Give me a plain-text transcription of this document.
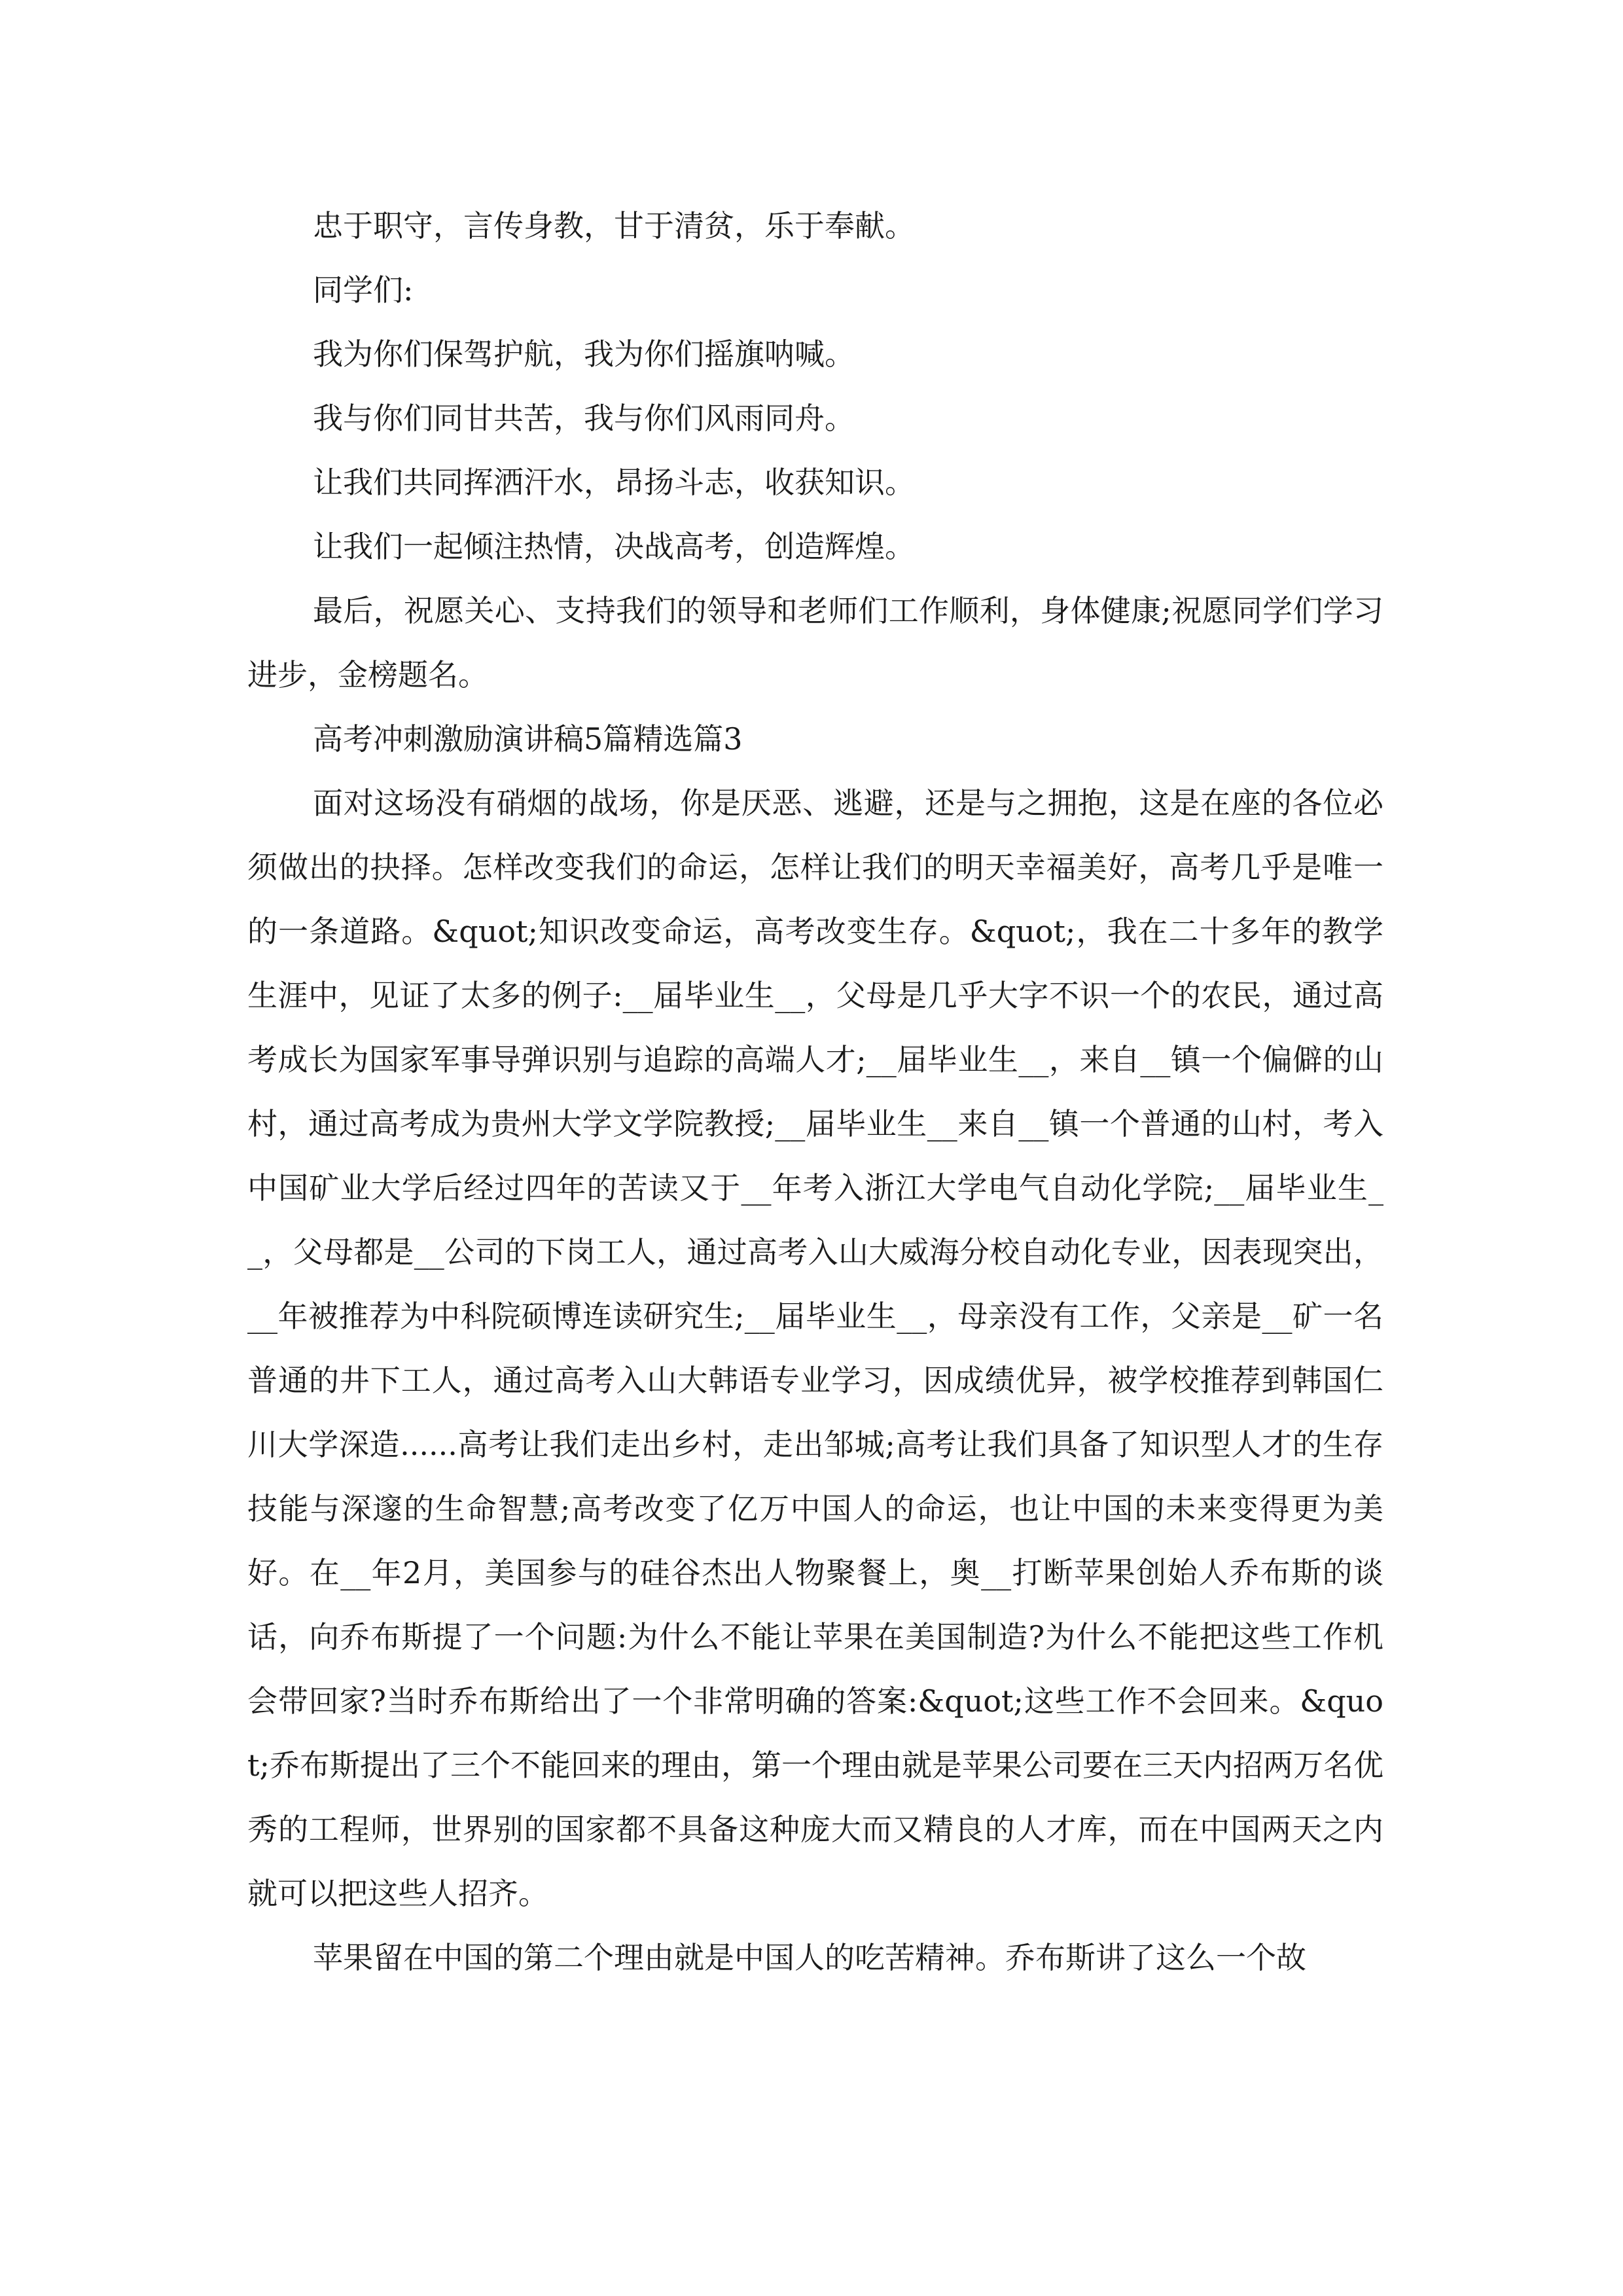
忠于职守，言传身教，甘于清贫，乐于奉献。

同学们:

我为你们保驾护航，我为你们摇旗呐喊。

我与你们同甘共苦，我与你们风雨同舟。

让我们共同挥洒汗水，昂扬斗志，收获知识。

让我们一起倾注热情，决战高考，创造辉煌。

最后，祝愿关心、支持我们的领导和老师们工作顺利，身体健康;祝愿同学们学习进步，金榜题名。

高考冲刺激励演讲稿5篇精选篇3

面对这场没有硝烟的战场，你是厌恶、逃避，还是与之拥抱，这是在座的各位必须做出的抉择。怎样改变我们的命运，怎样让我们的明天幸福美好，高考几乎是唯一的一条道路。&quot;知识改变命运，高考改变生存。&quot;，我在二十多年的教学生涯中，见证了太多的例子:__届毕业生__，父母是几乎大字不识一个的农民，通过高考成长为国家军事导弹识别与追踪的高端人才;__届毕业生__，来自__镇一个偏僻的山村，通过高考成为贵州大学文学院教授;__届毕业生__来自__镇一个普通的山村，考入中国矿业大学后经过四年的苦读又于__年考入浙江大学电气自动化学院;__届毕业生__，父母都是__公司的下岗工人，通过高考入山大威海分校自动化专业，因表现突出，__年被推荐为中科院硕博连读研究生;__届毕业生__，母亲没有工作，父亲是__矿一名普通的井下工人，通过高考入山大韩语专业学习，因成绩优异，被学校推荐到韩国仁川大学深造......高考让我们走出乡村，走出邹城;高考让我们具备了知识型人才的生存技能与深邃的生命智慧;高考改变了亿万中国人的命运，也让中国的未来变得更为美好。在__年2月，美国参与的硅谷杰出人物聚餐上，奥__打断苹果创始人乔布斯的谈话，向乔布斯提了一个问题:为什么不能让苹果在美国制造?为什么不能把这些工作机会带回家?当时乔布斯给出了一个非常明确的答案:&quot;这些工作不会回来。&quot;乔布斯提出了三个不能回来的理由，第一个理由就是苹果公司要在三天内招两万名优秀的工程师，世界别的国家都不具备这种庞大而又精良的人才库，而在中国两天之内就可以把这些人招齐。

苹果留在中国的第二个理由就是中国人的吃苦精神。乔布斯讲了这么一个故
